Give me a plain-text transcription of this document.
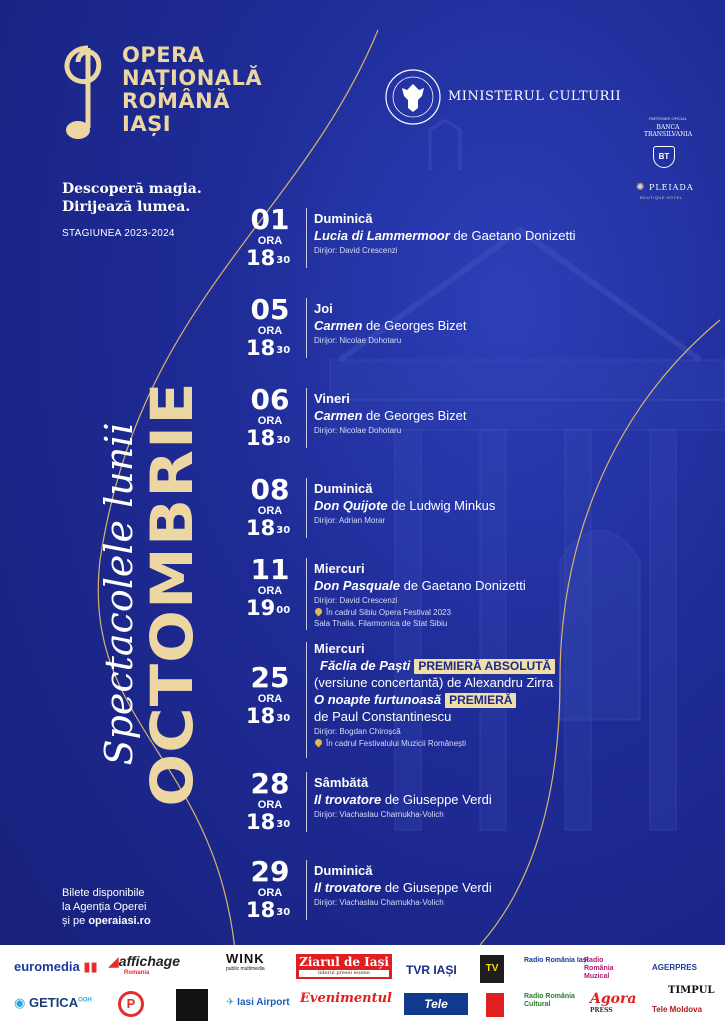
OPERA
NAȚIONALĂ
ROMÂNĂ
IAȘI
Descoperă magia.
Dirijează lumea.
STAGIUNEA 2023-2024
MINISTERUL CULTURII
PARTENER OFICIAL
BANCA
TRANSILVANIA
BT
✺ PLEIADA
BOUTIQUE HOTEL
Spectacolele lunii
OCTOMBRIE
01
ORA
$18^{30}$
Duminică
Lucia di Lammermoor de Gaetano Donizetti
Dirijor: David Crescenzi
05
ORA
$18^{30}$
Joi
Carmen de Georges Bizet
Dirijor: Nicolae Dohotaru
06
ORA
$18^{30}$
Vineri
Carmen de Georges Bizet
Dirijor: Nicolae Dohotaru
08
ORA
$18^{30}$
Duminică
Don Quijote de Ludwig Minkus
Dirijor: Adrian Morar
11
ORA
$19^{00}$
Miercuri
Don Pasquale de Gaetano Donizetti
Dirijor: David Crescenzi
În cadrul Sibiu Opera Festival 2023
Sala Thalia, Filarmonica de Stat Sibiu
25
ORA
$18^{30}$
Miercuri
Făclia de Paști PREMIERĂ ABSOLUTĂ
(versiune concertantă) de Alexandru Zirra
O noapte furtunoasă PREMIERĂ
de Paul Constantinescu
Dirijor: Bogdan Chiroșcă
În cadrul Festivalului Muzicii Românești
28
ORA
$18^{30}$
Sâmbătă
Il trovatore de Giuseppe Verdi
Dirijor: Viachaslau Charnukha-Volich
29
ORA
$18^{30}$
Duminică
Il trovatore de Giuseppe Verdi
Dirijor: Viachaslau Charnukha-Volich
Bilete disponibile
la Agenția Operei
și pe operaiasi.ro
euromedia ▮▮ ◢affichage
Romania
WINK
public multimedia	Ziarul de Iași
liderul presei ieșene	TVR IAȘI	TV
Radio România Iași
Radio România Muzical
AGERPRES
◉ $GETICA^{OOH}$	P	✈ Iasi Airport Evenimentul	Tele
Radio România Cultural	Agora
PRESS
TIMPUL
Tele Moldova
